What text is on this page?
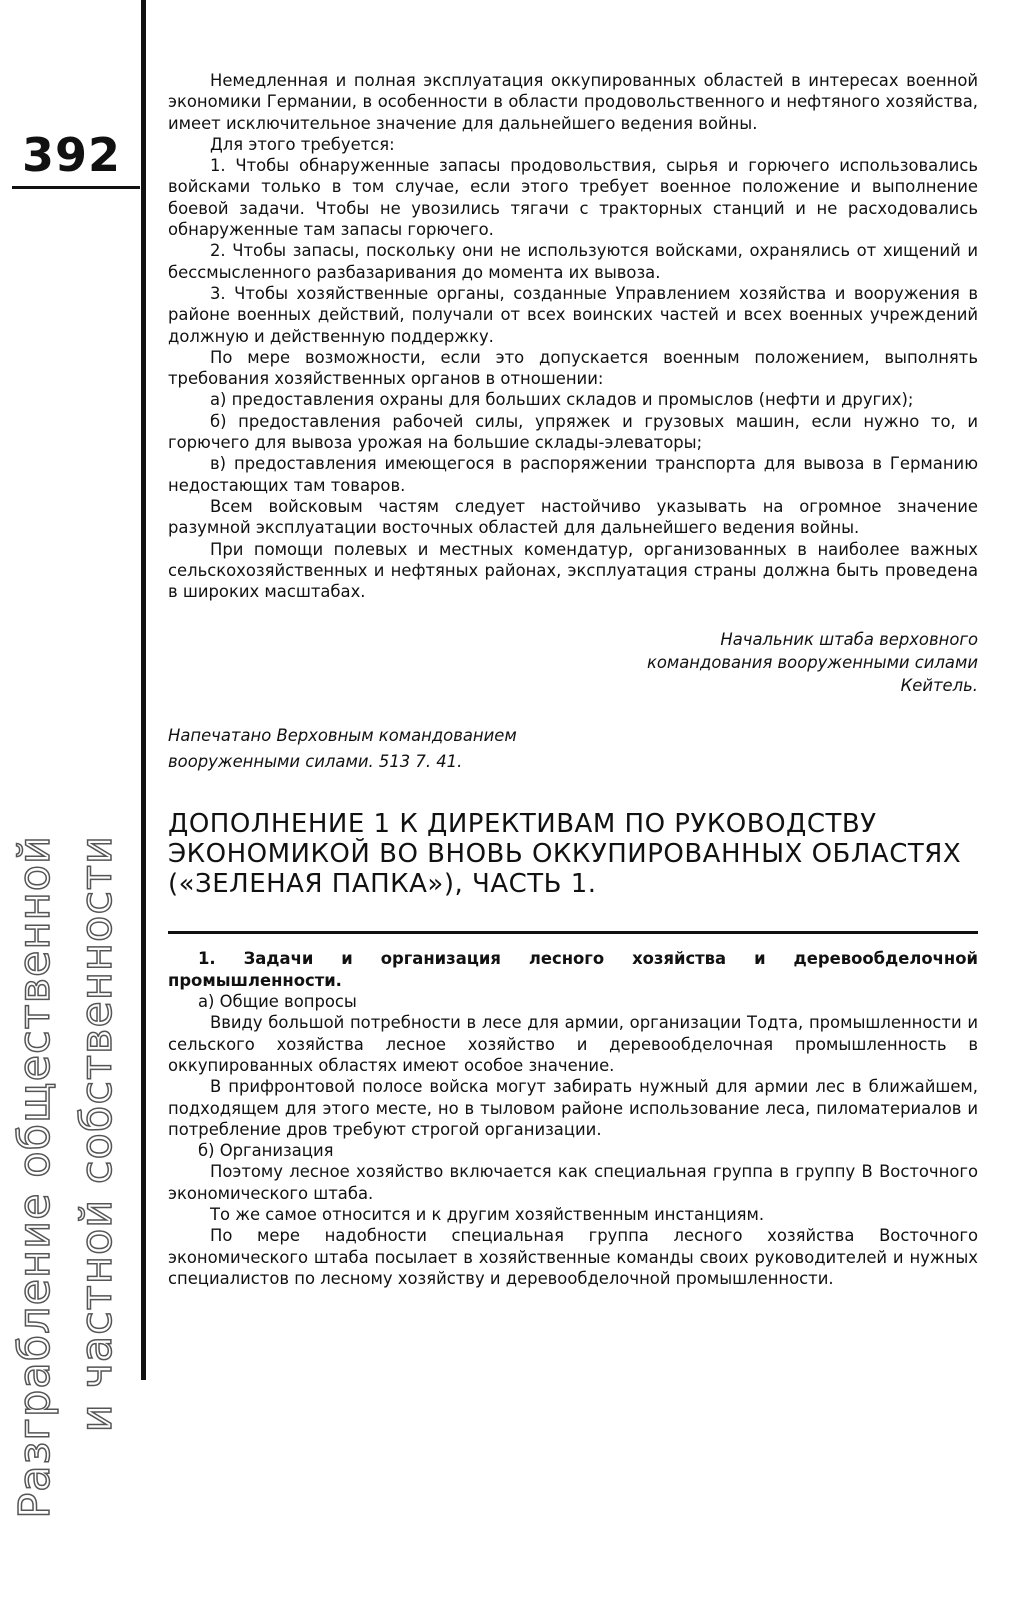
392
Разграбление общественной и частной собственности

Немедленная и полная эксплуатация оккупированных областей в интересах военной экономики Германии, в особенности в области продовольственного и нефтяного хозяйства, имеет исключительное значение для дальнейшего ведения войны.

Для этого требуется:

1. Чтобы обнаруженные запасы продовольствия, сырья и горючего использовались войсками только в том случае, если этого требует военное положение и выполнение боевой задачи. Чтобы не увозились тягачи с тракторных станций и не расходовались обнаруженные там запасы горючего.

2. Чтобы запасы, поскольку они не используются войсками, охранялись от хищений и бессмысленного разбазаривания до момента их вывоза.

3. Чтобы хозяйственные органы, созданные Управлением хозяйства и вооружения в районе военных действий, получали от всех воинских частей и всех военных учреждений должную и действенную поддержку.

По мере возможности, если это допускается военным положением, выполнять требования хозяйственных органов в отношении:

а) предоставления охраны для больших складов и промыслов (нефти и других);

б) предоставления рабочей силы, упряжек и грузовых машин, если нужно то, и горючего для вывоза урожая на большие склады-элеваторы;

в) предоставления имеющегося в распоряжении транспорта для вывоза в Германию недостающих там товаров.

Всем войсковым частям следует настойчиво указывать на огромное значение разумной эксплуатации восточных областей для дальнейшего ведения войны.

При помощи полевых и местных комендатур, организованных в наиболее важных сельскохозяйственных и нефтяных районах, эксплуатация страны должна быть проведена в широких масштабах.

Начальник штаба верховного
командования вооруженными силами
Кейтель.
Напечатано Верховным командованием
вооруженными силами. 513 7. 41.
ДОПОЛНЕНИЕ 1 К ДИРЕКТИВАМ ПО РУКОВОДСТВУ ЭКОНОМИКОЙ ВО ВНОВЬ ОККУПИРОВАННЫХ ОБЛАСТЯХ («ЗЕЛЕНАЯ ПАПКА»), ЧАСТЬ 1.

1. Задачи и организация лесного хозяйства и деревообделочной промышленности.

а) Общие вопросы

Ввиду большой потребности в лесе для армии, организации Тодта, промышленности и сельского хозяйства лесное хозяйство и деревообделочная промышленность в оккупированных областях имеют особое значение.

В прифронтовой полосе войска могут забирать нужный для армии лес в ближайшем, подходящем для этого месте, но в тыловом районе использование леса, пиломатериалов и потребление дров требуют строгой организации.

б) Организация

Поэтому лесное хозяйство включается как специальная группа в группу В Восточного экономического штаба.

То же самое относится и к другим хозяйственным инстанциям.

По мере надобности специальная группа лесного хозяйства Восточного экономического штаба посылает в хозяйственные команды своих руководителей и нужных специалистов по лесному хозяйству и деревообделочной промышленности.
